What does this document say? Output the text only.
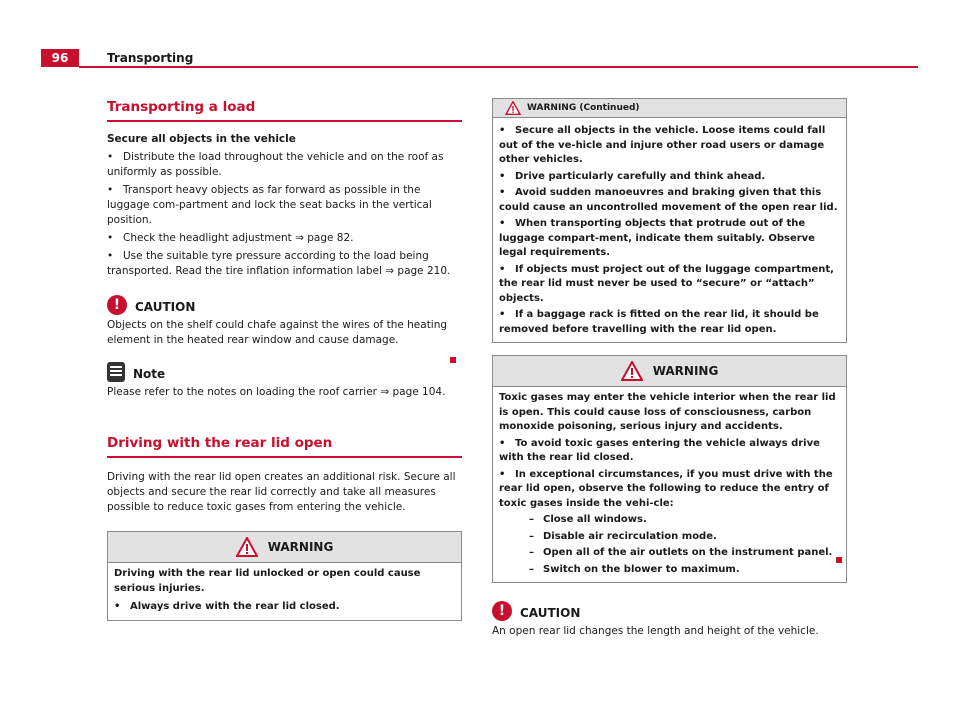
96	Transporting
Transporting a load
Secure all objects in the vehicle
• Distribute the load throughout the vehicle and on the roof as uniformly as possible.
• Transport heavy objects as far forward as possible in the luggage com-partment and lock the seat backs in the vertical position.
• Check the headlight adjustment ⇒ page 82.
• Use the suitable tyre pressure according to the load being transported. Read the tire inflation information label ⇒ page 210.
!	CAUTION

Objects on the shelf could chafe against the wires of the heating element in the heated rear window and cause damage.

Note

Please refer to the notes on loading the roof carrier ⇒ page 104.

Driving with the rear lid open

Driving with the rear lid open creates an additional risk. Secure all objects and secure the rear lid correctly and take all measures possible to reduce toxic gases from entering the vehicle.

WARNING

Driving with the rear lid unlocked or open could cause serious injuries.

• Always drive with the rear lid closed.
WARNING (Continued)
• Secure all objects in the vehicle. Loose items could fall out of the ve-hicle and injure other road users or damage other vehicles.
• Drive particularly carefully and think ahead.
• Avoid sudden manoeuvres and braking given that this could cause an uncontrolled movement of the open rear lid.
• When transporting objects that protrude out of the luggage compart-ment, indicate them suitably. Observe legal requirements.
• If objects must project out of the luggage compartment, the rear lid must never be used to “secure” or “attach” objects.
• If a baggage rack is fitted on the rear lid, it should be removed before travelling with the rear lid open.
WARNING

Toxic gases may enter the vehicle interior when the rear lid is open. This could cause loss of consciousness, carbon monoxide poisoning, serious injury and accidents.

• To avoid toxic gases entering the vehicle always drive with the rear lid closed.
• In exceptional circumstances, if you must drive with the rear lid open, observe the following to reduce the entry of toxic gases inside the vehi-cle:
– Close all windows.
– Disable air recirculation mode.
– Open all of the air outlets on the instrument panel.
– Switch on the blower to maximum.
!	CAUTION

An open rear lid changes the length and height of the vehicle.
